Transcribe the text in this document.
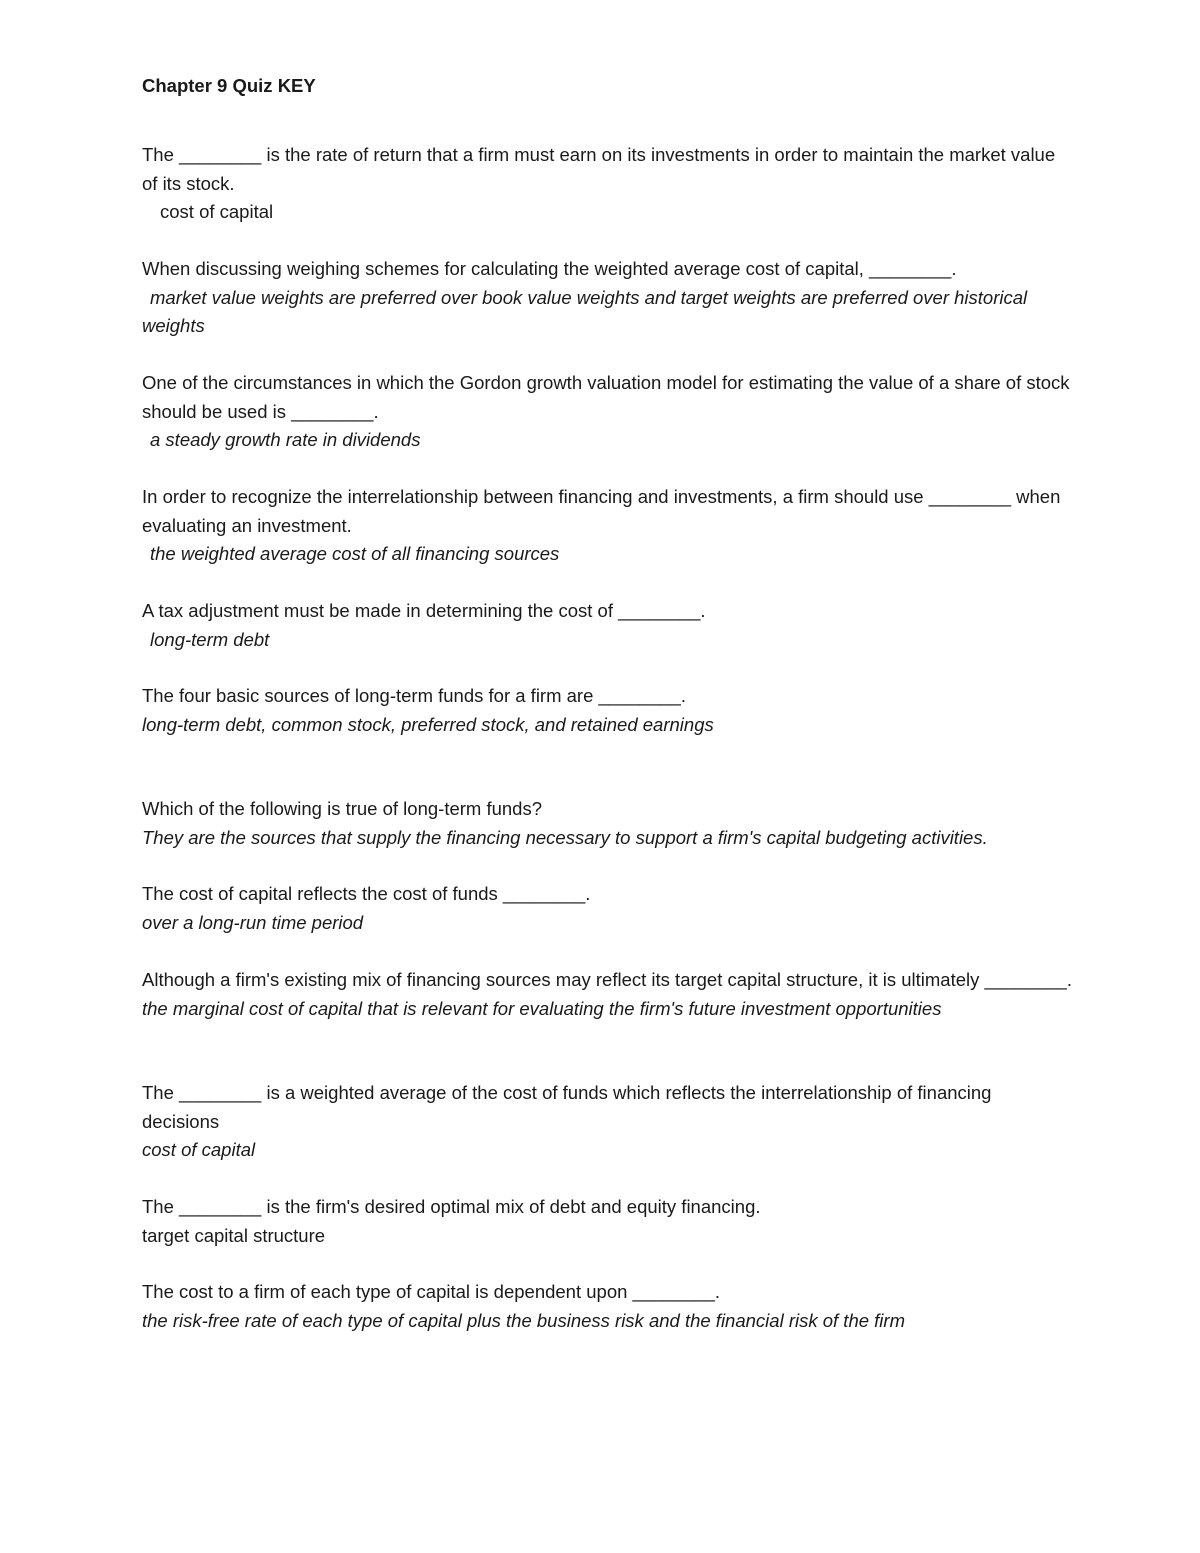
Chapter 9 Quiz KEY

The ________ is the rate of return that a firm must earn on its investments in order to maintain the market value of its stock.

cost of capital

When discussing weighing schemes for calculating the weighted average cost of capital, ________.

market value weights are preferred over book value weights and target weights are preferred over historical weights

One of the circumstances in which the Gordon growth valuation model for estimating the value of a share of stock should be used is ________.

a steady growth rate in dividends

In order to recognize the interrelationship between financing and investments, a firm should use ________ when evaluating an investment.

the weighted average cost of all financing sources

A tax adjustment must be made in determining the cost of ________.

long-term debt

The four basic sources of long-term funds for a firm are ________.

long-term debt, common stock, preferred stock, and retained earnings

Which of the following is true of long-term funds?

They are the sources that supply the financing necessary to support a firm's capital budgeting activities.

The cost of capital reflects the cost of funds ________.

over a long-run time period

Although a firm's existing mix of financing sources may reflect its target capital structure, it is ultimately ________.

the marginal cost of capital that is relevant for evaluating the firm's future investment opportunities

The ________ is a weighted average of the cost of funds which reflects the interrelationship of financing decisions

cost of capital

The ________ is the firm's desired optimal mix of debt and equity financing.

target capital structure

The cost to a firm of each type of capital is dependent upon ________.

the risk-free rate of each type of capital plus the business risk and the financial risk of the firm
